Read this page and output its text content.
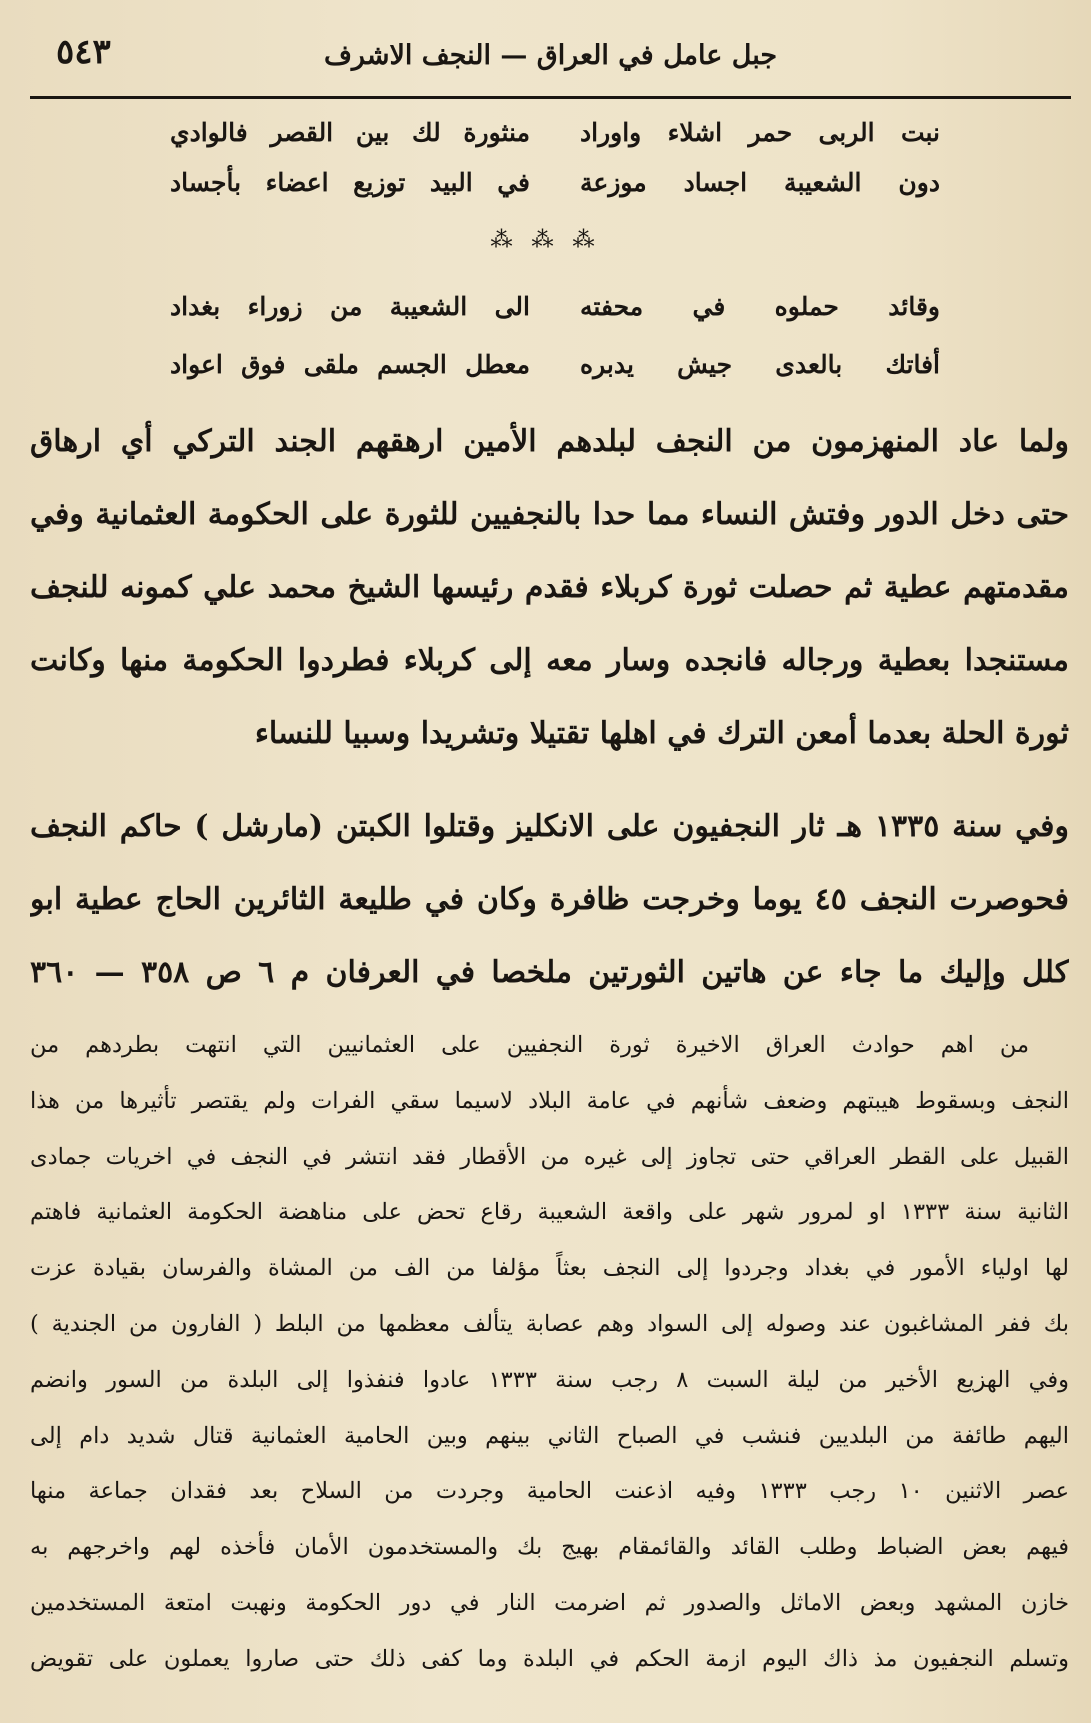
جبل عامل في العراق — النجف الاشرف
٥٤٣
نبت الربى حمر اشلاء واوراد
منثورة لك بين القصر فالوادي
دون الشعيبة اجساد موزعة
في البيد توزيع اعضاء بأجساد
⁂ ⁂ ⁂
وقائد حملوه في محفته
الى الشعيبة من زوراء بغداد
أفاتك بالعدى جيش يدبره
معطل الجسم ملقى فوق اعواد
ولما عاد المنهزمون من النجف لبلدهم الأمين ارهقهم الجند التركي أي ارهاق
حتى دخل الدور وفتش النساء مما حدا بالنجفيين للثورة على الحكومة العثمانية وفي
مقدمتهم عطية ثم حصلت ثورة كربلاء فقدم رئيسها الشيخ محمد علي كمونه للنجف
مستنجدا بعطية ورجاله فانجده وسار معه إلى كربلاء فطردوا الحكومة منها وكانت
ثورة الحلة بعدما أمعن الترك في اهلها تقتيلا وتشريدا وسبيا للنساء
وفي سنة ١٣٣٥ هـ ثار النجفيون على الانكليز وقتلوا الكبتن (مارشل ) حاكم النجف
فحوصرت النجف ٤٥ يوما وخرجت ظافرة وكان في طليعة الثائرين الحاج عطية ابو
كلل وإليك ما جاء عن هاتين الثورتين ملخصا في العرفان م ٦ ص ٣٥٨ — ٣٦٠
من اهم حوادث العراق الاخيرة ثورة النجفيين على العثمانيين التي انتهت بطردهم من
النجف وبسقوط هيبتهم وضعف شأنهم في عامة البلاد لاسيما سقي الفرات ولم يقتصر تأثيرها من هذا
القبيل على القطر العراقي حتى تجاوز إلى غيره من الأقطار فقد انتشر في النجف في اخريات جمادى
الثانية سنة ١٣٣٣ او لمرور شهر على واقعة الشعيبة رقاع تحض على مناهضة الحكومة العثمانية فاهتم
لها اولياء الأمور في بغداد وجردوا إلى النجف بعثاً مؤلفا من الف من المشاة والفرسان بقيادة عزت
بك ففر المشاغبون عند وصوله إلى السواد وهم عصابة يتألف معظمها من البلط ( الفارون من الجندية )
وفي الهزيع الأخير من ليلة السبت ٨ رجب سنة ١٣٣٣ عادوا فنفذوا إلى البلدة من السور وانضم
اليهم طائفة من البلديين فنشب في الصباح الثاني بينهم وبين الحامية العثمانية قتال شديد دام إلى
عصر الاثنين ١٠ رجب ١٣٣٣ وفيه اذعنت الحامية وجردت من السلاح بعد فقدان جماعة منها
فيهم بعض الضباط وطلب القائد والقائمقام بهيج بك والمستخدمون الأمان فأخذه لهم واخرجهم به
خازن المشهد وبعض الاماثل والصدور ثم اضرمت النار في دور الحكومة ونهبت امتعة المستخدمين
وتسلم النجفيون مذ ذاك اليوم ازمة الحكم في البلدة وما كفى ذلك حتى صاروا يعملون على تقويض
